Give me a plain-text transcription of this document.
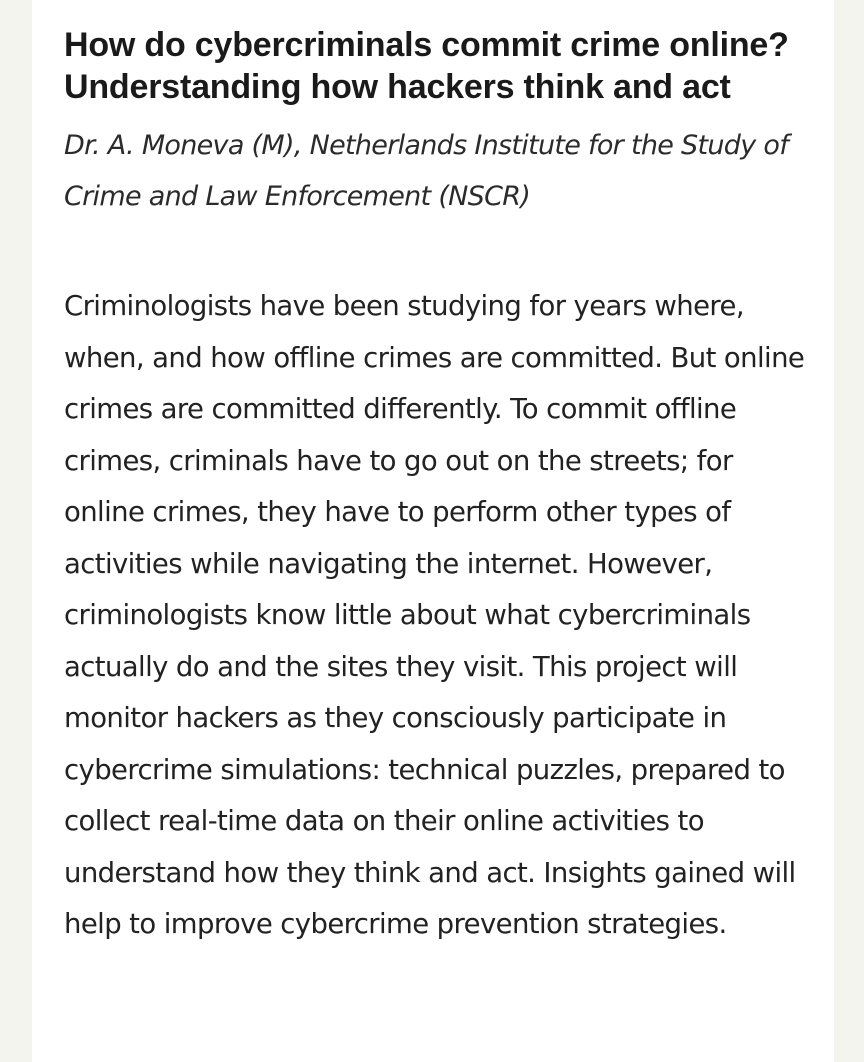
How do cybercriminals commit crime online? Understanding how hackers think and act

Dr. A. Moneva (M), Netherlands Institute for the Study of Crime and Law Enforcement (NSCR)

Criminologists have been studying for years where, when, and how offline crimes are committed. But online crimes are committed differently. To commit offline crimes, criminals have to go out on the streets; for online crimes, they have to perform other types of activities while navigating the internet. However, criminologists know little about what cybercriminals actually do and the sites they visit. This project will monitor hackers as they consciously participate in cybercrime simulations: technical puzzles, prepared to collect real-time data on their online activities to understand how they think and act. Insights gained will help to improve cybercrime prevention strategies.
